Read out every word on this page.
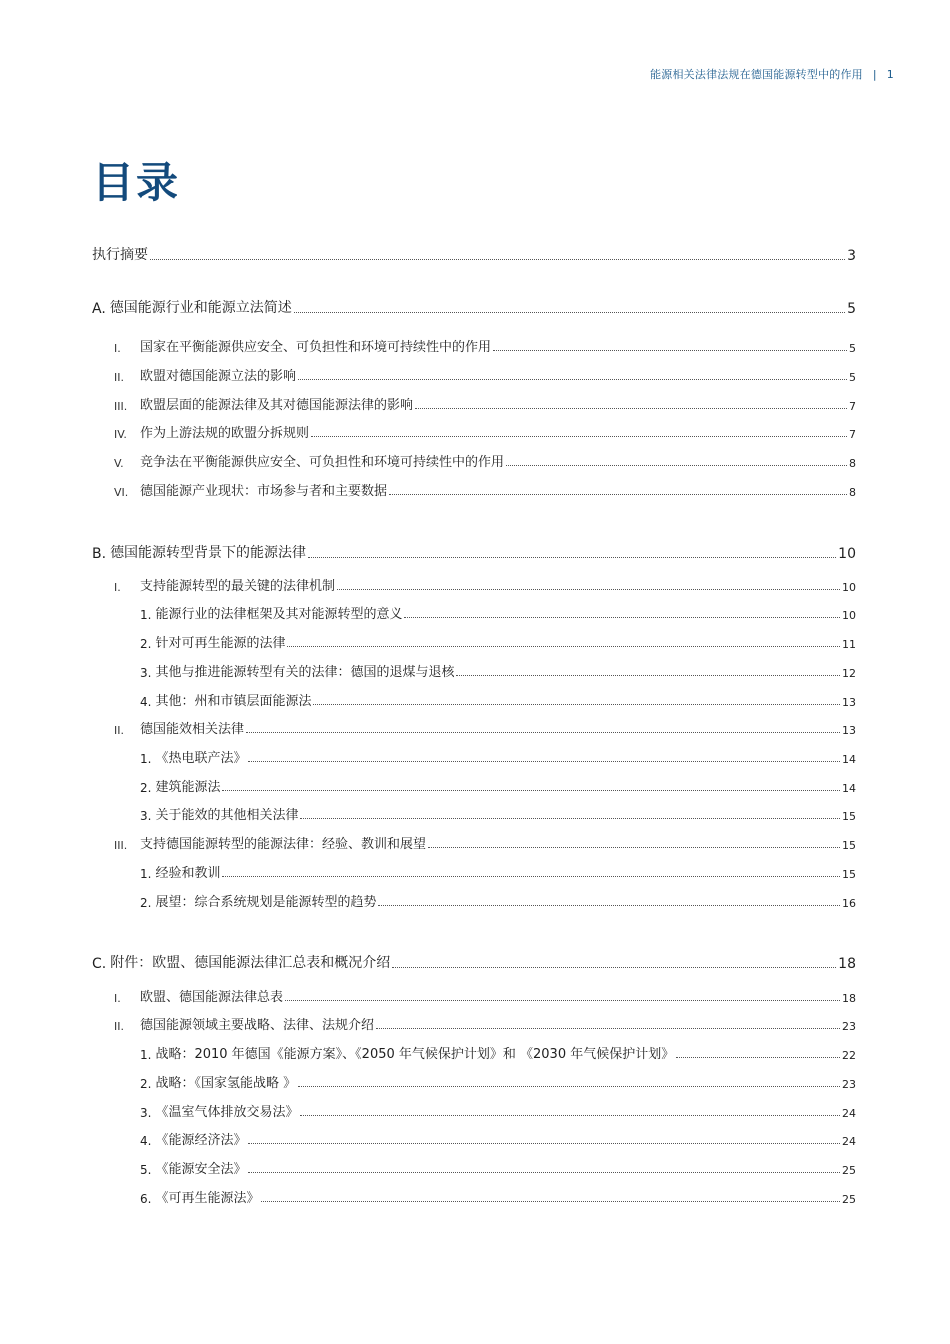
能源相关法律法规在德国能源转型中的作用 | 1
目录
执行摘要	3
A. 德国能源行业和能源立法简述	5
I.	国家在平衡能源供应安全、可负担性和环境可持续性中的作用	5
II.	欧盟对德国能源立法的影响	5
III. 欧盟层面的能源法律及其对德国能源法律的影响	7
IV.	作为上游法规的欧盟分拆规则	7
V.	竞争法在平衡能源供应安全、可负担性和环境可持续性中的作用	8
VI. 德国能源产业现状：市场参与者和主要数据	8
B. 德国能源转型背景下的能源法律	10
I.	支持能源转型的最关键的法律机制	10
1. 能源行业的法律框架及其对能源转型的意义	10
2. 针对可再生能源的法律	11
3. 其他与推进能源转型有关的法律：德国的退煤与退核	12
4. 其他：州和市镇层面能源法	13
II.	德国能效相关法律	13
1. 《热电联产法》	14
2. 建筑能源法	14
3. 关于能效的其他相关法律	15
III. 支持德国能源转型的能源法律：经验、教训和展望	15
1. 经验和教训	15
2. 展望：综合系统规划是能源转型的趋势	16
C. 附件：欧盟、德国能源法律汇总表和概况介绍	18
I.	欧盟、德国能源法律总表	18
II.	德国能源领域主要战略、法律、法规介绍	23
1. 战略：2010 年德国《能源方案》、《2050 年气候保护计划》和 《2030 年气候保护计划》	22
2. 战略：《国家氢能战略 》	23
3. 《温室气体排放交易法》	24
4. 《能源经济法》	24
5. 《能源安全法》	25
6. 《可再生能源法》	25
